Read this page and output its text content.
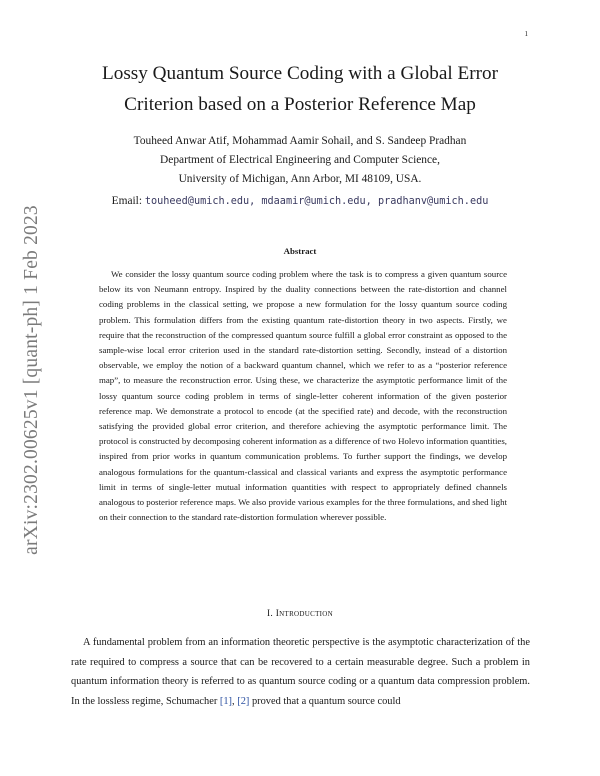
1
arXiv:2302.00625v1 [quant-ph] 1 Feb 2023
Lossy Quantum Source Coding with a Global Error
Criterion based on a Posterior Reference Map
Touheed Anwar Atif, Mohammad Aamir Sohail, and S. Sandeep Pradhan
Department of Electrical Engineering and Computer Science,
University of Michigan, Ann Arbor, MI 48109, USA.
Email: touheed@umich.edu, mdaamir@umich.edu, pradhanv@umich.edu
Abstract

We consider the lossy quantum source coding problem where the task is to compress a given quantum source below its von Neumann entropy. Inspired by the duality connections between the rate-distortion and channel coding problems in the classical setting, we propose a new formulation for the lossy quantum source coding problem. This formulation differs from the existing quantum rate-distortion theory in two aspects. Firstly, we require that the reconstruction of the compressed quantum source fulfill a global error constraint as opposed to the sample-wise local error criterion used in the standard rate-distortion setting. Secondly, instead of a distortion observable, we employ the notion of a backward quantum channel, which we refer to as a “posterior reference map”, to measure the reconstruction error. Using these, we characterize the asymptotic performance limit of the lossy quantum source coding problem in terms of single-letter coherent information of the given posterior reference map. We demonstrate a protocol to encode (at the specified rate) and decode, with the reconstruction satisfying the provided global error criterion, and therefore achieving the asymptotic performance limit. The protocol is constructed by decomposing coherent information as a difference of two Holevo information quantities, inspired from prior works in quantum communication problems. To further support the findings, we develop analogous formulations for the quantum-classical and classical variants and express the asymptotic performance limit in terms of single-letter mutual information quantities with respect to appropriately defined channels analogous to posterior reference maps. We also provide various examples for the three formulations, and shed light on their connection to the standard rate-distortion formulation wherever possible.

I. Introduction

A fundamental problem from an information theoretic perspective is the asymptotic characterization of the rate required to compress a source that can be recovered to a certain measurable degree. Such a problem in quantum information theory is referred to as quantum source coding or a quantum data compression problem. In the lossless regime, Schumacher [1], [2] proved that a quantum source could
